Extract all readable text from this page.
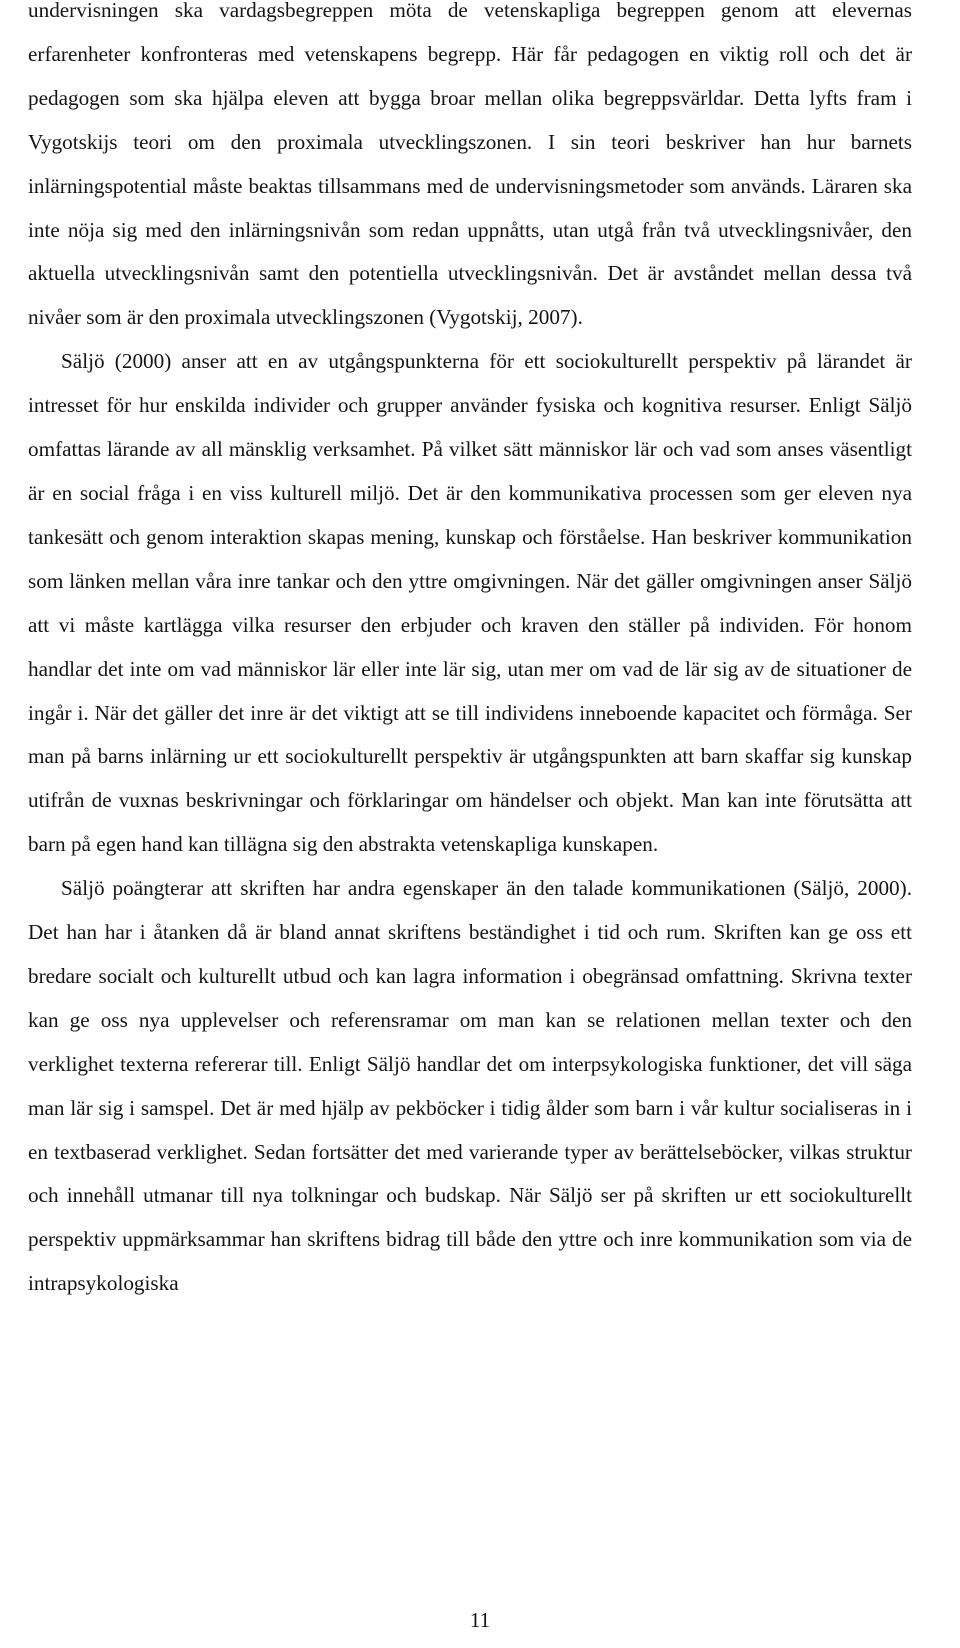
undervisningen ska vardagsbegreppen möta de vetenskapliga begreppen genom att elevernas erfarenheter konfronteras med vetenskapens begrepp. Här får pedagogen en viktig roll och det är pedagogen som ska hjälpa eleven att bygga broar mellan olika begreppsvärldar. Detta lyfts fram i Vygotskijs teori om den proximala utvecklingszonen. I sin teori beskriver han hur barnets inlärningspotential måste beaktas tillsammans med de undervisningsmetoder som används. Läraren ska inte nöja sig med den inlärningsnivån som redan uppnåtts, utan utgå från två utvecklingsnivåer, den aktuella utvecklingsnivån samt den potentiella utvecklingsnivån. Det är avståndet mellan dessa två nivåer som är den proximala utvecklingszonen (Vygotskij, 2007).

Säljö (2000) anser att en av utgångspunkterna för ett sociokulturellt perspektiv på lärandet är intresset för hur enskilda individer och grupper använder fysiska och kognitiva resurser. Enligt Säljö omfattas lärande av all mänsklig verksamhet. På vilket sätt människor lär och vad som anses väsentligt är en social fråga i en viss kulturell miljö. Det är den kommunikativa processen som ger eleven nya tankesätt och genom interaktion skapas mening, kunskap och förståelse. Han beskriver kommunikation som länken mellan våra inre tankar och den yttre omgivningen. När det gäller omgivningen anser Säljö att vi måste kartlägga vilka resurser den erbjuder och kraven den ställer på individen. För honom handlar det inte om vad människor lär eller inte lär sig, utan mer om vad de lär sig av de situationer de ingår i. När det gäller det inre är det viktigt att se till individens inneboende kapacitet och förmåga. Ser man på barns inlärning ur ett sociokulturellt perspektiv är utgångspunkten att barn skaffar sig kunskap utifrån de vuxnas beskrivningar och förklaringar om händelser och objekt. Man kan inte förutsätta att barn på egen hand kan tillägna sig den abstrakta vetenskapliga kunskapen.

Säljö poängterar att skriften har andra egenskaper än den talade kommunikationen (Säljö, 2000). Det han har i åtanken då är bland annat skriftens beständighet i tid och rum. Skriften kan ge oss ett bredare socialt och kulturellt utbud och kan lagra information i obegränsad omfattning. Skrivna texter kan ge oss nya upplevelser och referensramar om man kan se relationen mellan texter och den verklighet texterna refererar till. Enligt Säljö handlar det om interpsykologiska funktioner, det vill säga man lär sig i samspel. Det är med hjälp av pekböcker i tidig ålder som barn i vår kultur socialiseras in i en textbaserad verklighet. Sedan fortsätter det med varierande typer av berättelseböcker, vilkas struktur och innehåll utmanar till nya tolkningar och budskap. När Säljö ser på skriften ur ett sociokulturellt perspektiv uppmärksammar han skriftens bidrag till både den yttre och inre kommunikation som via de intrapsykologiska

11
